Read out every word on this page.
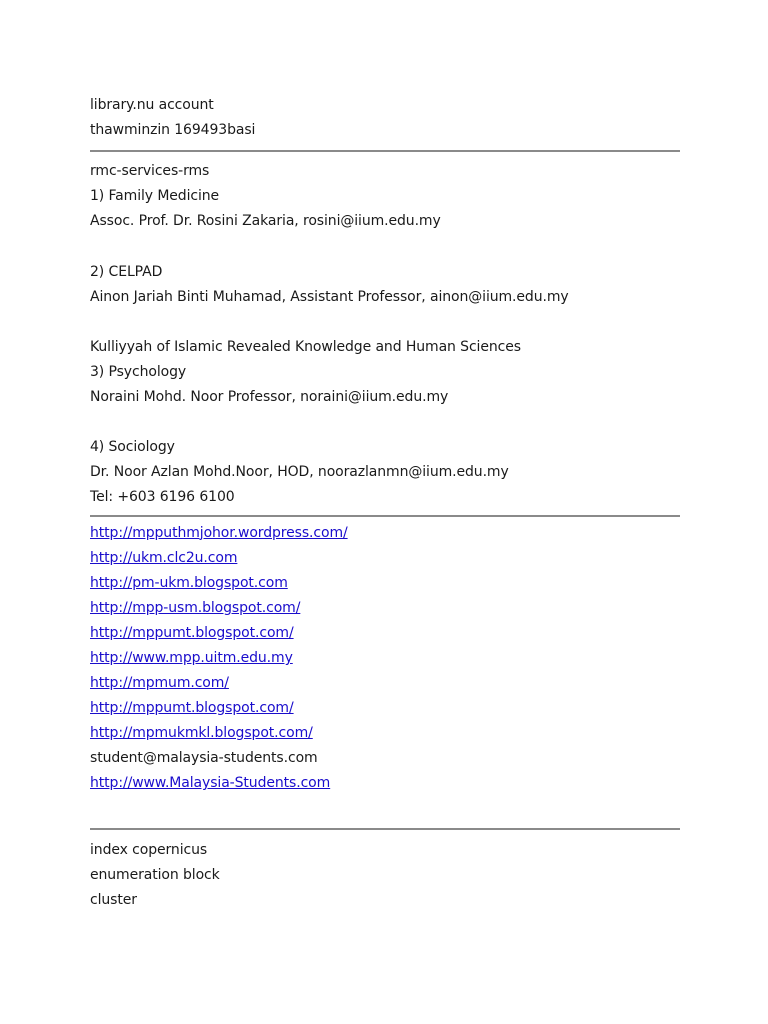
library.nu account
thawminzin 169493basi
rmc-services-rms
1) Family Medicine
Assoc. Prof. Dr. Rosini Zakaria, rosini@iium.edu.my
2) CELPAD
Ainon Jariah Binti Muhamad, Assistant Professor, ainon@iium.edu.my
Kulliyyah of Islamic Revealed Knowledge and Human Sciences
3) Psychology
Noraini Mohd. Noor Professor, noraini@iium.edu.my
4) Sociology
Dr. Noor Azlan Mohd.Noor, HOD, noorazlanmn@iium.edu.my
Tel: +603 6196 6100
http://mpputhmjohor.wordpress.com/
http://ukm.clc2u.com
http://pm-ukm.blogspot.com
http://mpp-usm.blogspot.com/
http://mppumt.blogspot.com/
http://www.mpp.uitm.edu.my
http://mpmum.com/
http://mppumt.blogspot.com/
http://mpmukmkl.blogspot.com/
student@malaysia-students.com
http://www.Malaysia-Students.com
index copernicus
enumeration block
cluster
